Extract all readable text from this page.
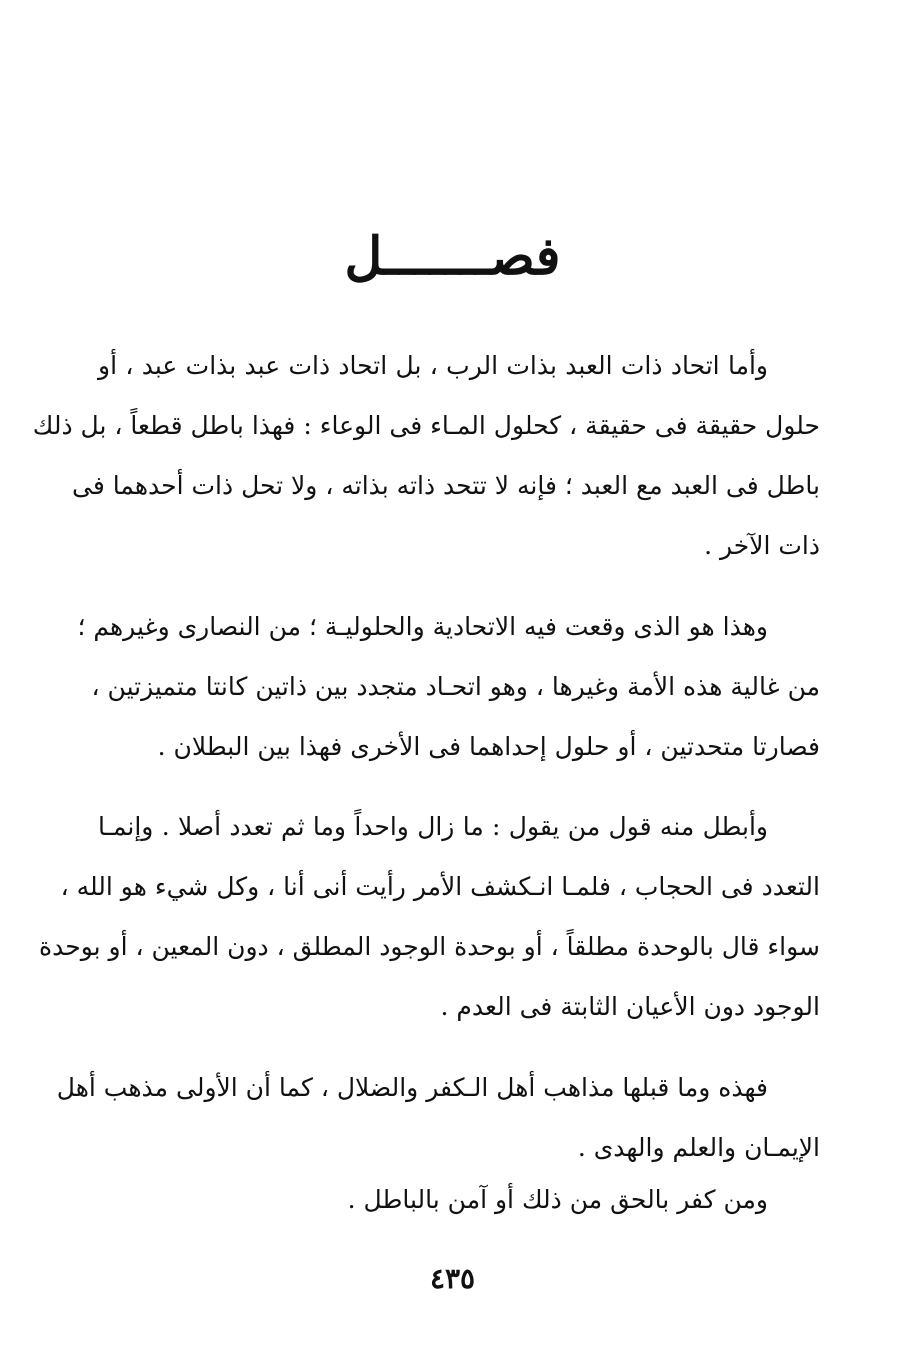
فصـــــــل
وأما اتحاد ذات العبد بذات الرب ، بل اتحاد ذات عبد بذات عبد ، أو
حلول حقيقة فى حقيقة ، كحلول المـاء فى الوعاء : فهذا باطل قطعاً ، بل ذلك
باطل فى العبد مع العبد ؛ فإنه لا تتحد ذاته بذاته ، ولا تحل ذات أحدهما فى
ذات الآخر .
وهذا هو الذى وقعت فيه الاتحادية والحلوليـة ؛ من النصارى وغيرهم ؛
من غالية هذه الأمة وغيرها ، وهو اتحـاد متجدد بين ذاتين كانتا متميزتين ،
فصارتا متحدتين ، أو حلول إحداهما فى الأخرى فهذا بين البطلان .
وأبطل منه قول من يقول : ما زال واحداً وما ثم تعدد أصلا . وإنمـا
التعدد فى الحجاب ، فلمـا انـكشف الأمر رأيت أنى أنا ، وكل شيء هو الله ،
سواء قال بالوحدة مطلقاً ، أو بوحدة الوجود المطلق ، دون المعين ، أو بوحدة
الوجود دون الأعيان الثابتة فى العدم .
فهذه وما قبلها مذاهب أهل الـكفر والضلال ، كما أن الأولى مذهب أهل
الإيمـان والعلم والهدى .
ومن كفر بالحق من ذلك أو آمن بالباطل .
٤٣٥
